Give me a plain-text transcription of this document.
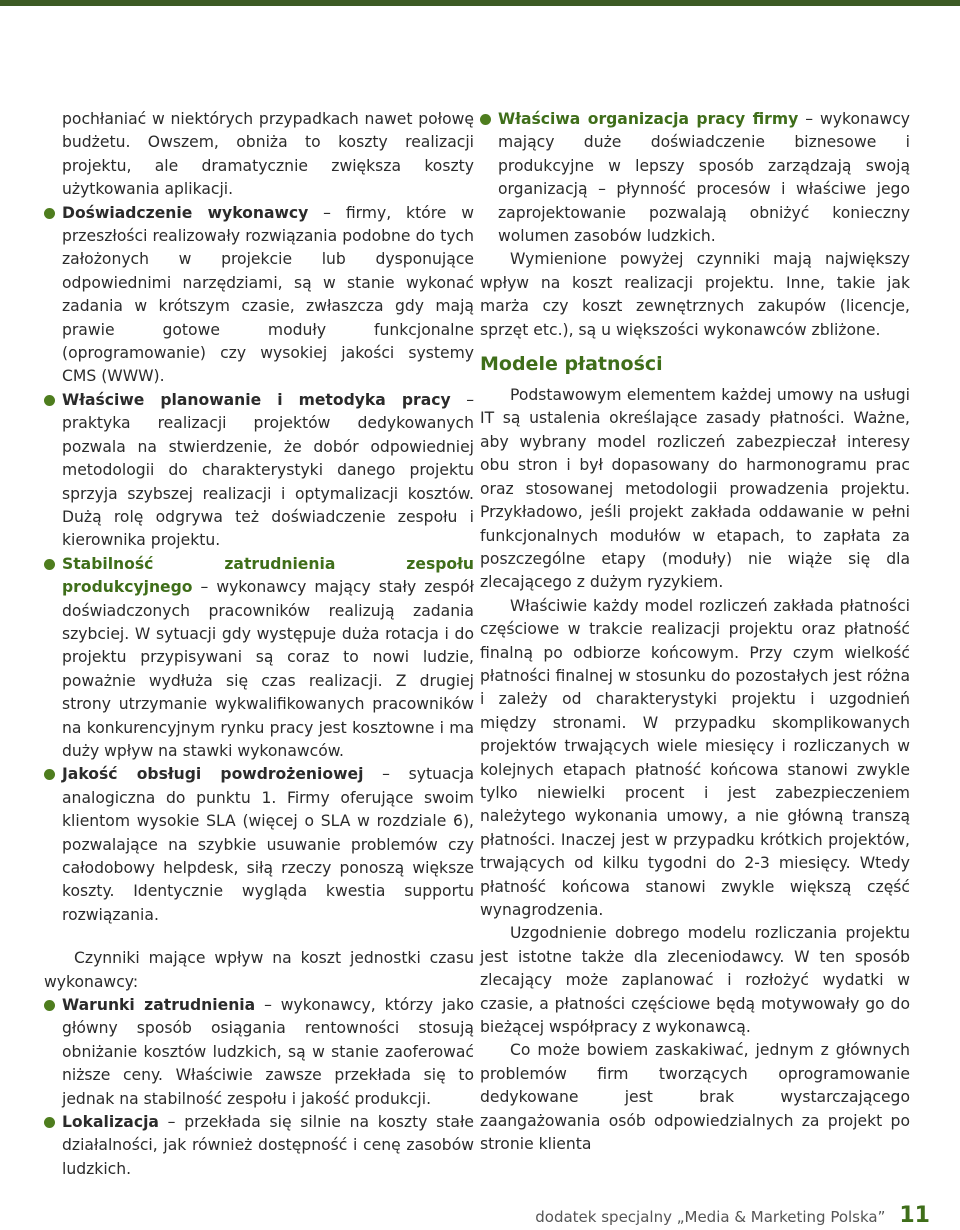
pochłaniać w niektórych przypadkach nawet połowę budżetu. Owszem, obniża to koszty realizacji projektu, ale dramatycznie zwiększa koszty użytkowania aplikacji.

Doświadczenie wykonawcy – firmy, które w przeszłości realizowały rozwiązania podobne do tych założonych w projekcie lub dysponujące odpowiednimi narzędziami, są w stanie wykonać zadania w krótszym czasie, zwłaszcza gdy mają prawie gotowe moduły funkcjonalne (oprogramowanie) czy wysokiej jakości systemy CMS (WWW).
Właściwe planowanie i metodyka pracy – praktyka realizacji projektów dedykowanych pozwala na stwierdzenie, że dobór odpowiedniej metodologii do charakterystyki danego projektu sprzyja szybszej realizacji i optymalizacji kosztów. Dużą rolę odgrywa też doświadczenie zespołu i kierownika projektu.
Stabilność zatrudnienia zespołu produkcyjnego – wykonawcy mający stały zespół doświadczonych pracowników realizują zadania szybciej. W sytuacji gdy występuje duża rotacja i do projektu przypisywani są coraz to nowi ludzie, poważnie wydłuża się czas realizacji. Z drugiej strony utrzymanie wykwalifikowanych pracowników na konkurencyjnym rynku pracy jest kosztowne i ma duży wpływ na stawki wykonawców.
Jakość obsługi powdrożeniowej – sytuacja analogiczna do punktu 1. Firmy oferujące swoim klientom wysokie SLA (więcej o SLA w rozdziale 6), pozwalające na szybkie usuwanie problemów czy całodobowy helpdesk, siłą rzeczy ponoszą większe koszty. Identycznie wygląda kwestia supportu rozwiązania.

Czynniki mające wpływ na koszt jednostki czasu wykonawcy:

Warunki zatrudnienia – wykonawcy, którzy jako główny sposób osiągania rentowności stosują obniżanie kosztów ludzkich, są w stanie zaoferować niższe ceny. Właściwie zawsze przekłada się to jednak na stabilność zespołu i jakość produkcji.
Lokalizacja – przekłada się silnie na koszty stałe działalności, jak również dostępność i cenę zasobów ludzkich.
Właściwa organizacja pracy firmy – wykonawcy mający duże doświadczenie biznesowe i produkcyjne w lepszy sposób zarządzają swoją organizacją – płynność procesów i właściwe jego zaprojektowanie pozwalają obniżyć konieczny wolumen zasobów ludzkich.

Wymienione powyżej czynniki mają największy wpływ na koszt realizacji projektu. Inne, takie jak marża czy koszt zewnętrznych zakupów (licencje, sprzęt etc.), są u większości wykonawców zbliżone.

Modele płatności

Podstawowym elementem każdej umowy na usługi IT są ustalenia określające zasady płatności. Ważne, aby wybrany model rozliczeń zabezpieczał interesy obu stron i był dopasowany do harmonogramu prac oraz stosowanej metodologii prowadzenia projektu. Przykładowo, jeśli projekt zakłada oddawanie w pełni funkcjonalnych modułów w etapach, to zapłata za poszczególne etapy (moduły) nie wiąże się dla zlecającego z dużym ryzykiem.

Właściwie każdy model rozliczeń zakłada płatności częściowe w trakcie realizacji projektu oraz płatność finalną po odbiorze końcowym. Przy czym wielkość płatności finalnej w stosunku do pozostałych jest różna i zależy od charakterystyki projektu i uzgodnień między stronami. W przypadku skomplikowanych projektów trwających wiele miesięcy i rozliczanych w kolejnych etapach płatność końcowa stanowi zwykle tylko niewielki procent i jest zabezpieczeniem należytego wykonania umowy, a nie główną transzą płatności. Inaczej jest w przypadku krótkich projektów, trwających od kilku tygodni do 2-3 miesięcy. Wtedy płatność końcowa stanowi zwykle większą część wynagrodzenia.

Uzgodnienie dobrego modelu rozliczania projektu jest istotne także dla zleceniodawcy. W ten sposób zlecający może zaplanować i rozłożyć wydatki w czasie, a płatności częściowe będą motywowały go do bieżącej współpracy z wykonawcą.

Co może bowiem zaskakiwać, jednym z głównych problemów firm tworzących oprogramowanie dedykowane jest brak wystarczającego zaangażowania osób odpowiedzialnych za projekt po stronie klienta

dodatek specjalny „Media & Marketing Polska” 11
